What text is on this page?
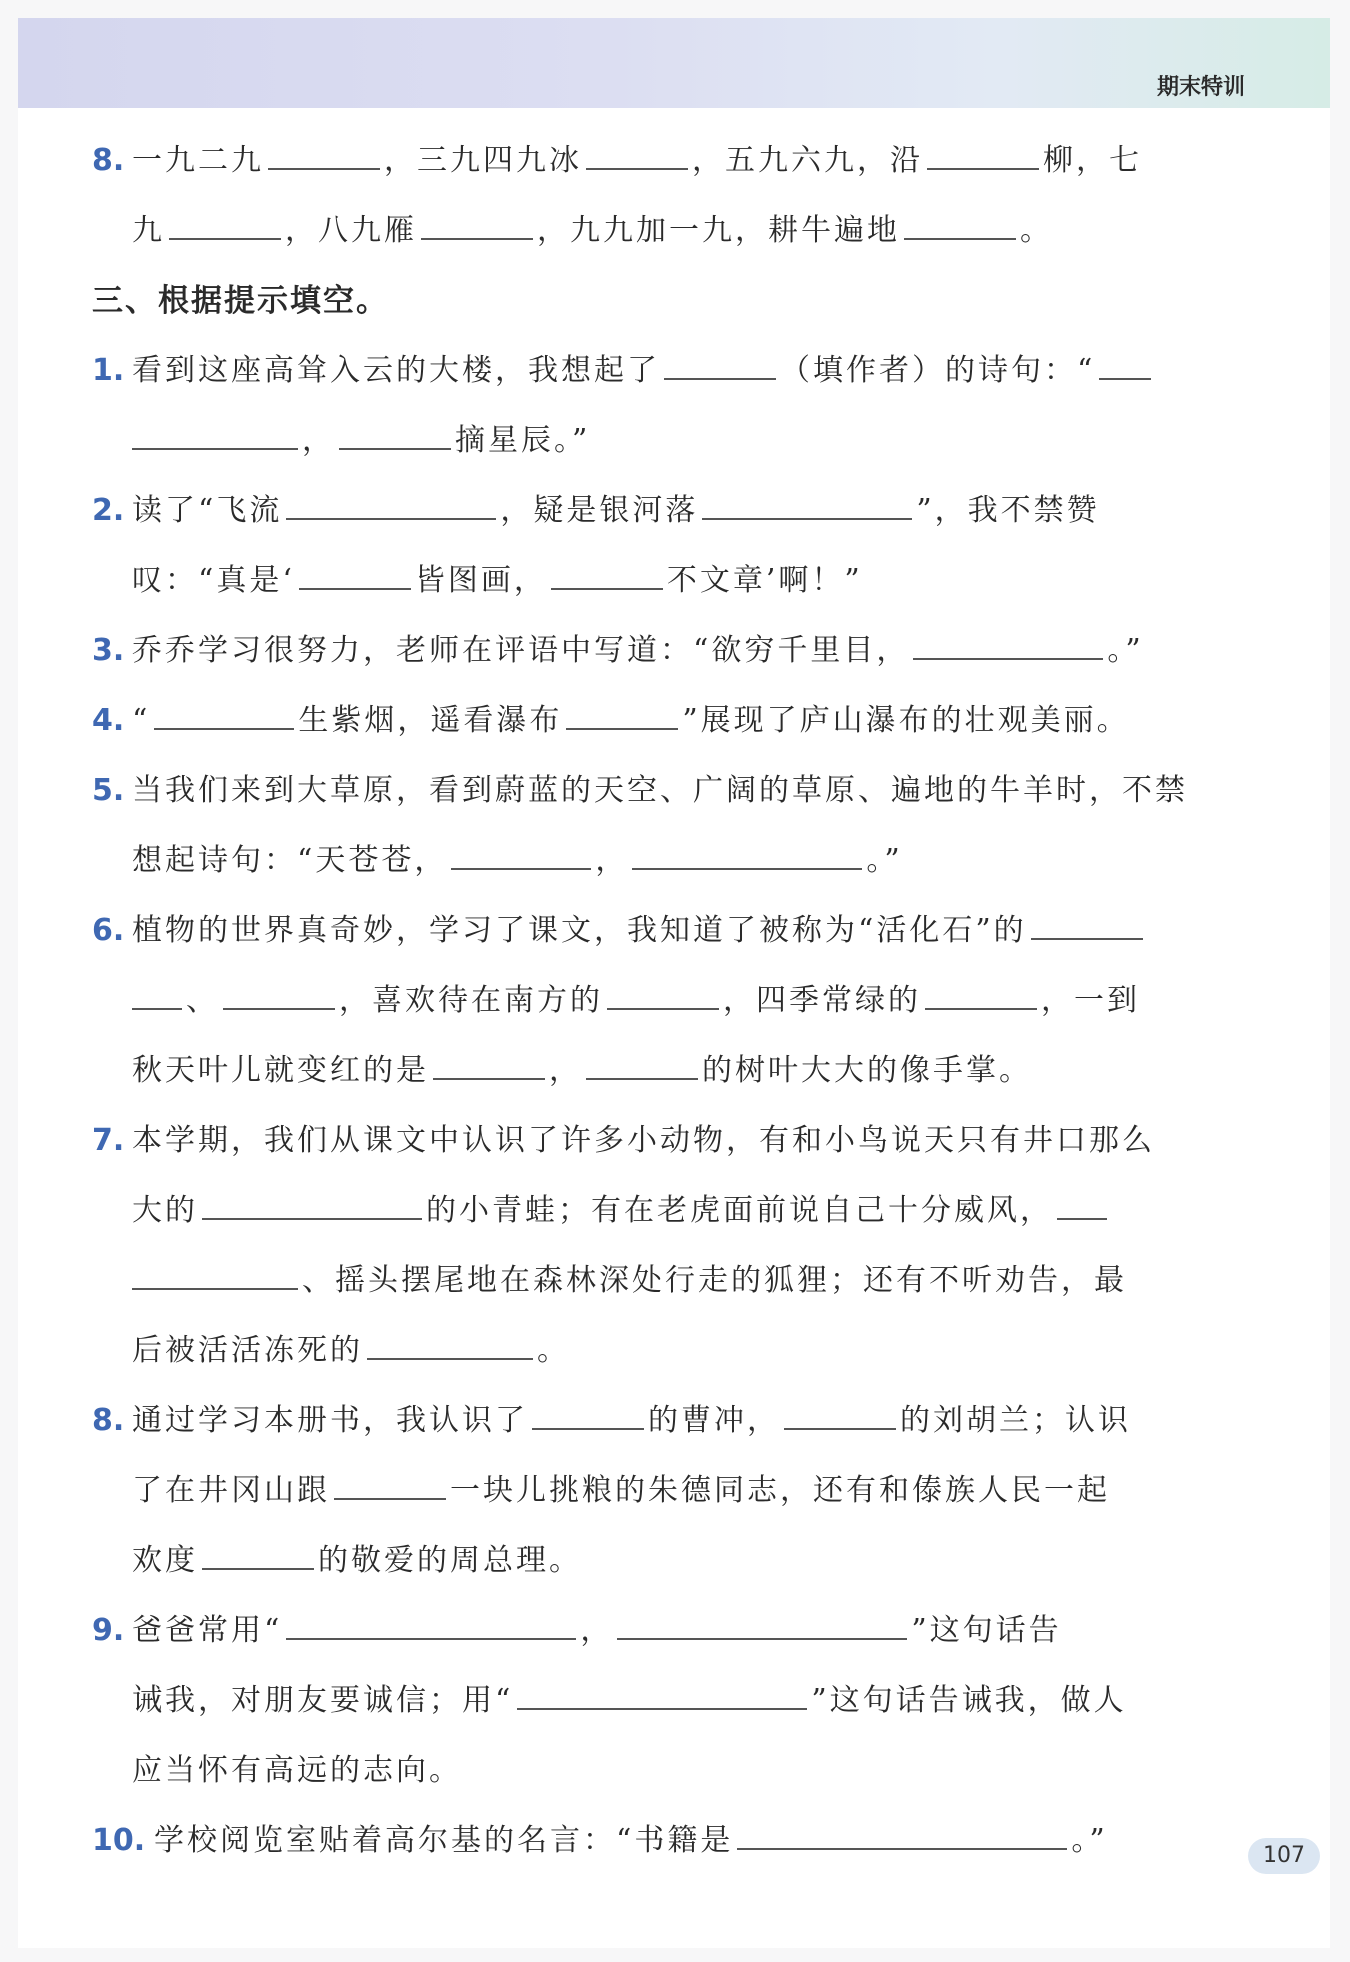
期末特训
8. 一九二九	，三九四九冰	，五九六九，沿	柳，七
九	，八九雁	，九九加一九，耕牛遍地	。
三、根据提示填空。
1. 看到这座高耸入云的大楼，我想起了	（填作者）的诗句：“
，	摘星辰。”
2. 读了“飞流	，疑是银河落	”，我不禁赞
叹：“真是‘	皆图画，	不文章’啊！”
3. 乔乔学习很努力，老师在评语中写道：“欲穷千里目，	。”
4. “	生紫烟，遥看瀑布	”展现了庐山瀑布的壮观美丽。
5. 当我们来到大草原，看到蔚蓝的天空、广阔的草原、遍地的牛羊时，不禁
想起诗句：“天苍苍，	，	。”
6. 植物的世界真奇妙，学习了课文，我知道了被称为“活化石”的
、	，喜欢待在南方的	，四季常绿的	，一到
秋天叶儿就变红的是	，	的树叶大大的像手掌。
7. 本学期，我们从课文中认识了许多小动物，有和小鸟说天只有井口那么
大的	的小青蛙；有在老虎面前说自己十分威风，
、摇头摆尾地在森林深处行走的狐狸；还有不听劝告，最
后被活活冻死的	。
8. 通过学习本册书，我认识了	的曹冲，	的刘胡兰；认识
了在井冈山跟	一块儿挑粮的朱德同志，还有和傣族人民一起
欢度	的敬爱的周总理。
9. 爸爸常用“	，	”这句话告
诫我，对朋友要诚信；用“	”这句话告诫我，做人
应当怀有高远的志向。
10. 学校阅览室贴着高尔基的名言：“书籍是	。”	107
